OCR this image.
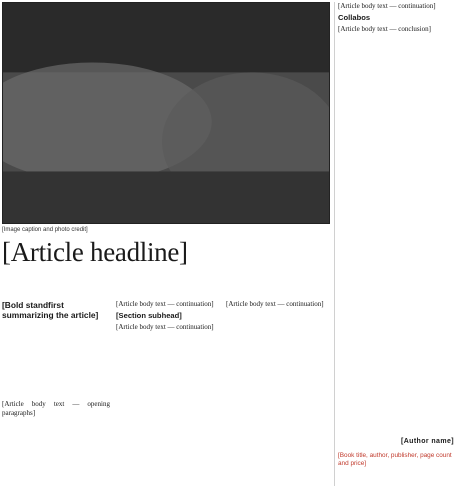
[Image caption and photo credit]
[Article headline]
[Bold standfirst summarizing the article]

[Article body text — opening paragraphs]

[Article body text — continuation]

[Section subhead]

[Article body text — continuation]

[Article body text — continuation]

[Article body text — continuation]

Collabos

[Article body text — conclusion]

[Author name]
[Book title, author, publisher, page count and price]
